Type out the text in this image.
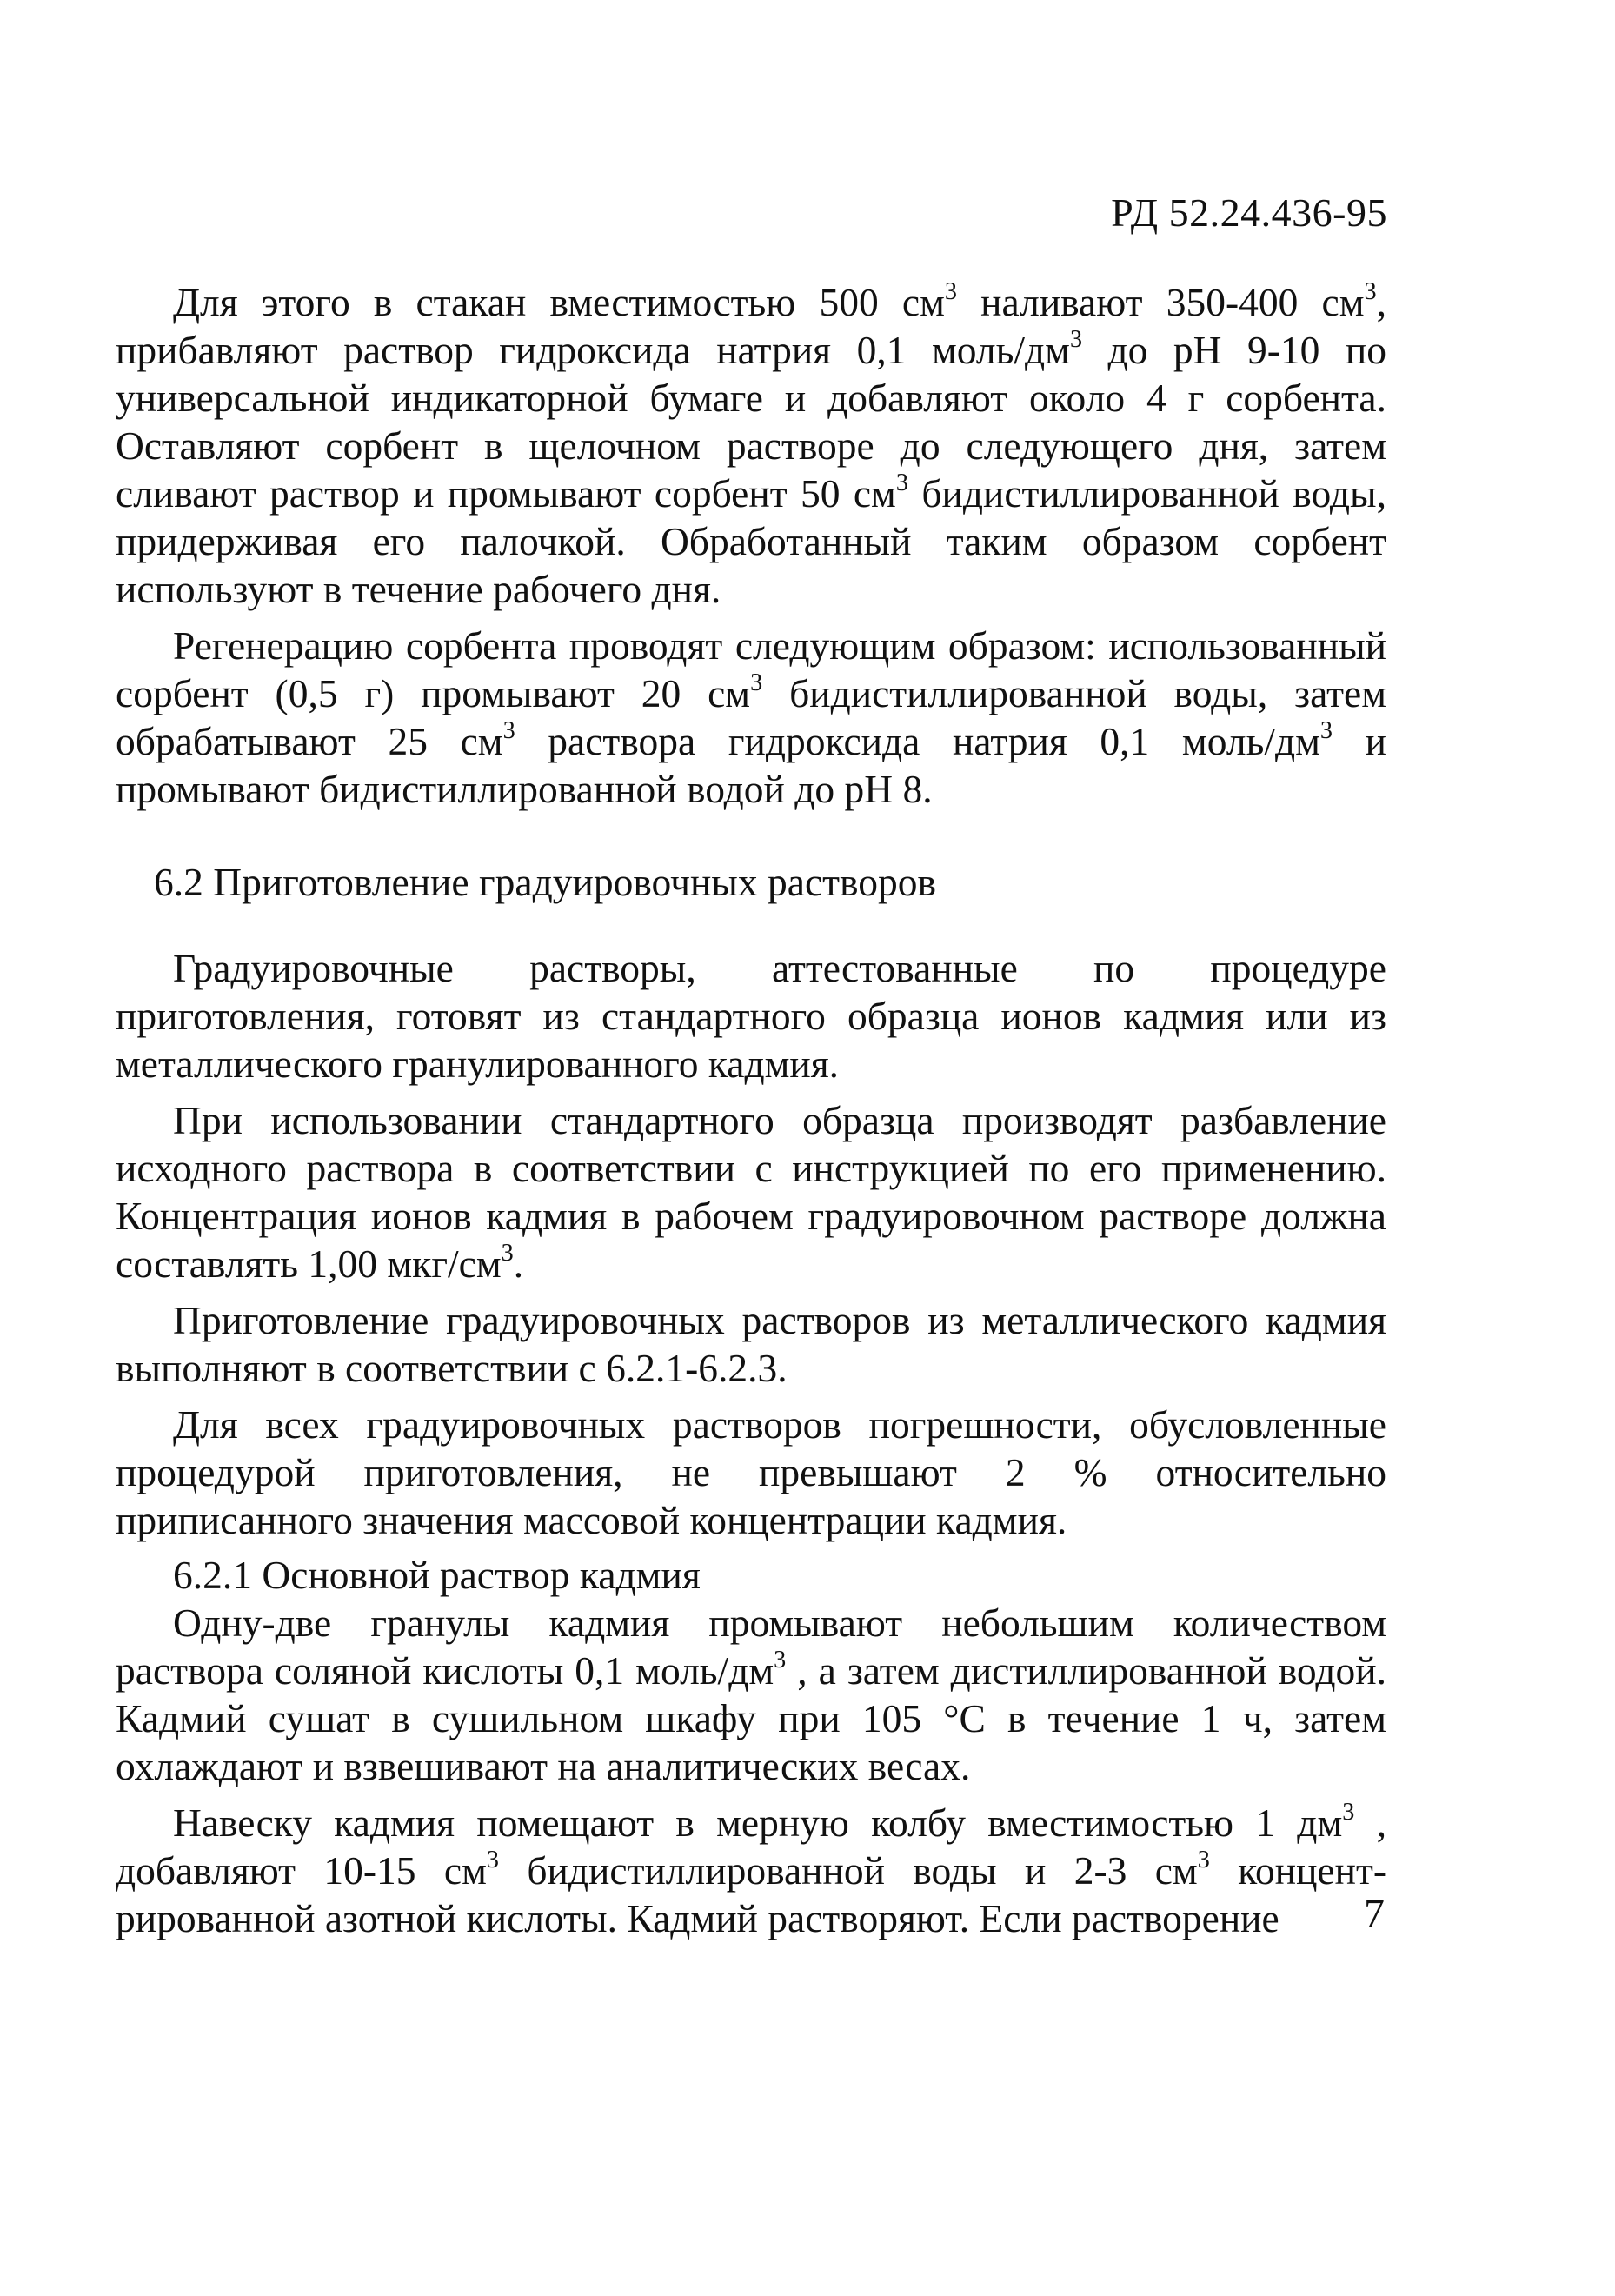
РД 52.24.436-95

Для этого в стакан вместимостью 500 $см^3$ наливают 350-400 $см^3$, прибавляют раствор гидроксида натрия 0,1 моль/$дм^3$ до рН 9-10 по универсальной индикаторной бумаге и добавляют около 4 г сорбента. Оставляют сорбент в щелочном растворе до следующего дня, затем сливают раствор и промывают сорбент 50 $см^3$ бидистиллированной воды, придерживая его палочкой. Обработанный таким образом сорбент используют в течение рабочего дня.

Регенерацию сорбента проводят следующим образом: использованный сорбент (0,5 г) промывают 20 $см^3$ бидистиллированной воды, затем обрабатывают 25 $см^3$ раствора гидроксида натрия 0,1 моль/$дм^3$ и промывают бидистиллированной водой до рН 8.

6.2 Приготовление градуировочных растворов

Градуировочные растворы, аттестованные по процедуре приготовления, готовят из стандартного образца ионов кадмия или из металлического гранулированного кадмия.

При использовании стандартного образца производят разбавление исходного раствора в соответствии с инструкцией по его применению. Концентрация ионов кадмия в рабочем градуировочном растворе должна составлять 1,00 мкг/$см^3$.

Приготовление градуировочных растворов из металлического кадмия выполняют в соответствии с 6.2.1-6.2.3.

Для всех градуировочных растворов погрешности, обусловленные процедурой приготовления, не превышают 2 % относительно приписанного значения массовой концентрации кадмия.

6.2.1 Основной раствор кадмия

Одну-две гранулы кадмия промывают небольшим количеством раствора соляной кислоты 0,1 моль/$дм^3$ , а затем дистиллированной водой. Кадмий сушат в сушильном шкафу при 105 °С в течение 1 ч, затем охлаждают и взвешивают на аналитических весах.

Навеску кадмия помещают в мерную колбу вместимостью 1 $дм^3$ , добавляют 10-15 $см^3$ бидистиллированной воды и 2-3 $см^3$ концент-рированной азотной кислоты. Кадмий растворяют. Если растворение	7
